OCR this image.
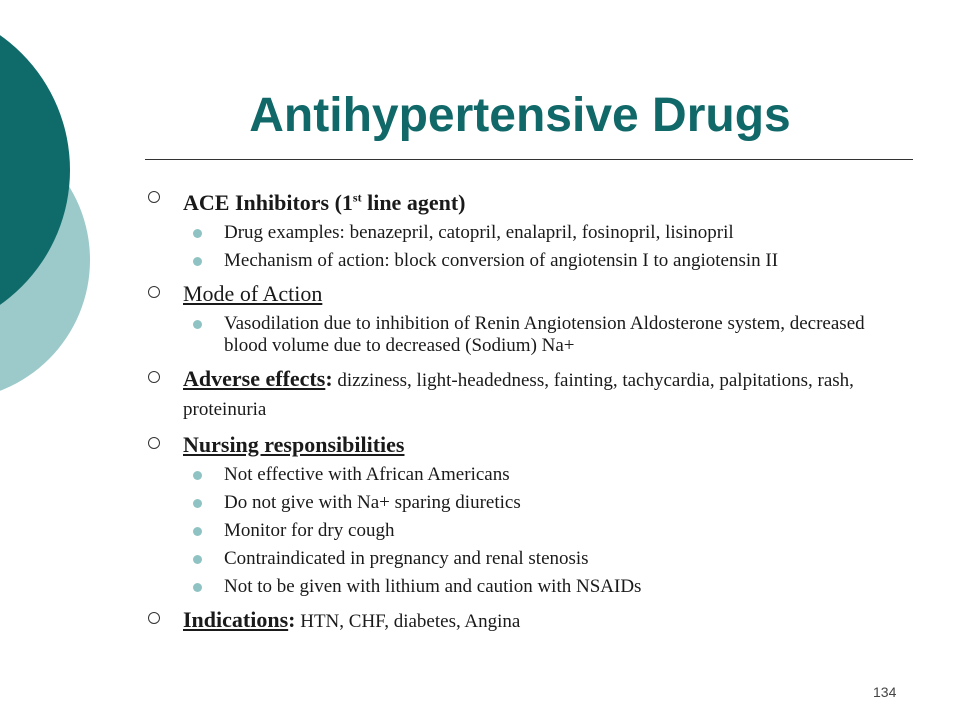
Antihypertensive Drugs
ACE Inhibitors (1st line agent)
Drug examples: benazepril, catopril, enalapril, fosinopril, lisinopril
Mechanism of action: block conversion of angiotensin I to angiotensin II
Mode of Action
Vasodilation due to inhibition of Renin Angiotension Aldosterone system, decreased blood volume due to decreased (Sodium) Na+
Adverse effects: dizziness, light-headedness, fainting, tachycardia, palpitations, rash, proteinuria
Nursing responsibilities
Not effective with African Americans
Do not give with Na+ sparing diuretics
Monitor for dry cough
Contraindicated in pregnancy and renal stenosis
Not to be given with lithium and caution with NSAIDs
Indications: HTN, CHF, diabetes, Angina
134
